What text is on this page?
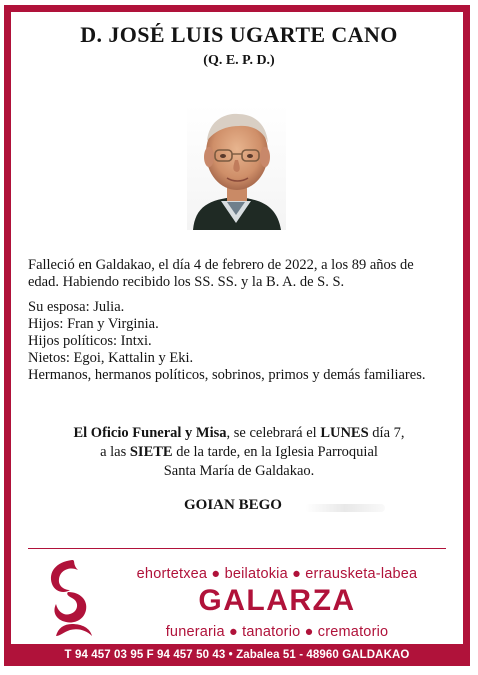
D. JOSÉ LUIS UGARTE CANO
(Q. E. P. D.)

Falleció en Galdakao, el día 4 de febrero de 2022, a los 89 años de edad. Habiendo recibido los SS. SS. y la B. A. de S. S.

Su esposa: Julia.

Hijos: Fran y Virginia.

Hijos políticos: Intxi.

Nietos: Egoi, Kattalin y Eki.

Hermanos, hermanos políticos, sobrinos, primos y demás familiares.

El Oficio Funeral y Misa, se celebrará el LUNES día 7,
a las SIETE de la tarde, en la Iglesia Parroquial
Santa María de Galdakao.
GOIAN BEGO
ehortetxea ● beilatokia ● errausketa-labea
GALARZA
funeraria ● tanatorio ● crematorio
T 94 457 03 95 F 94 457 50 43 • Zabalea 51 - 48960 GALDAKAO
